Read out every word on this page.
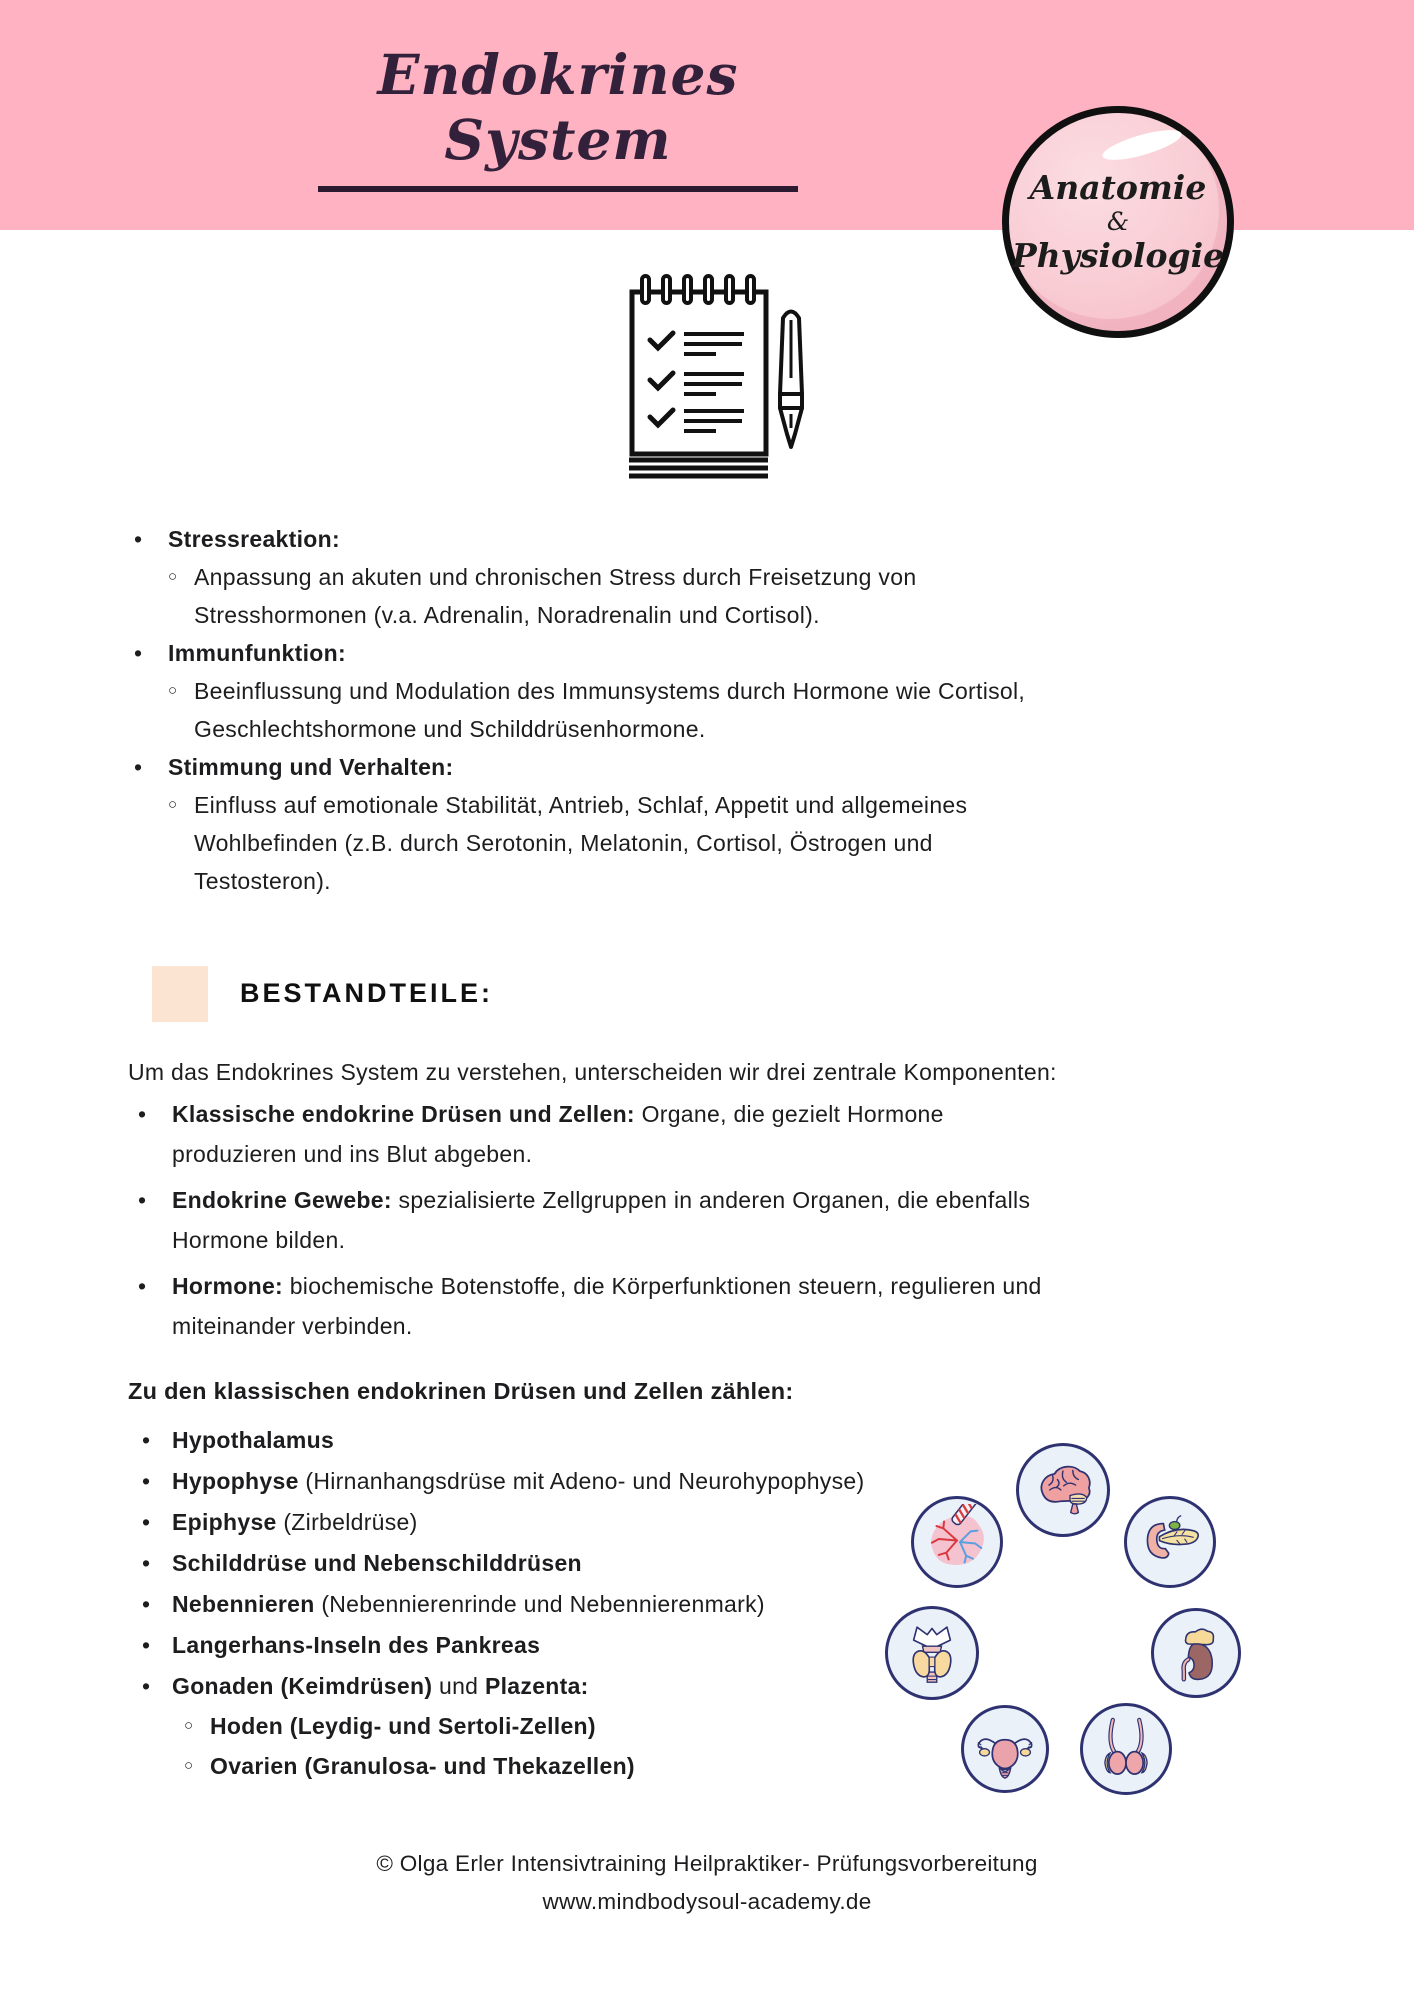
Endokrines System
Anatomie
&
Physiologie
•	Stressreaktion:
○ Anpassung an akuten und chronischen Stress durch Freisetzung von
Stresshormonen (v.a. Adrenalin, Noradrenalin und Cortisol).
•	Immunfunktion:
○ Beeinflussung und Modulation des Immunsystems durch Hormone wie Cortisol,
Geschlechtshormone und Schilddrüsenhormone.
•	Stimmung und Verhalten:
○ Einfluss auf emotionale Stabilität, Antrieb, Schlaf, Appetit und allgemeines
Wohlbefinden (z.B. durch Serotonin, Melatonin, Cortisol, Östrogen und
Testosteron).
BESTANDTEILE:
Um das Endokrines System zu verstehen, unterscheiden wir drei zentrale Komponenten:
•	Klassische endokrine Drüsen und Zellen: Organe, die gezielt Hormone
produzieren und ins Blut abgeben.
•	Endokrine Gewebe: spezialisierte Zellgruppen in anderen Organen, die ebenfalls
Hormone bilden.
•	Hormone: biochemische Botenstoffe, die Körperfunktionen steuern, regulieren und
miteinander verbinden.
Zu den klassischen endokrinen Drüsen und Zellen zählen:
• Hypothalamus
• Hypophyse (Hirnanhangsdrüse mit Adeno- und Neurohypophyse)
• Epiphyse (Zirbeldrüse)
• Schilddrüse und Nebenschilddrüsen
• Nebennieren (Nebennierenrinde und Nebennierenmark)
• Langerhans-Inseln des Pankreas
• Gonaden (Keimdrüsen) und Plazenta:
○ Hoden (Leydig- und Sertoli-Zellen)
○ Ovarien (Granulosa- und Thekazellen)
© Olga Erler Intensivtraining Heilpraktiker- Prüfungsvorbereitung
www.mindbodysoul-academy.de
